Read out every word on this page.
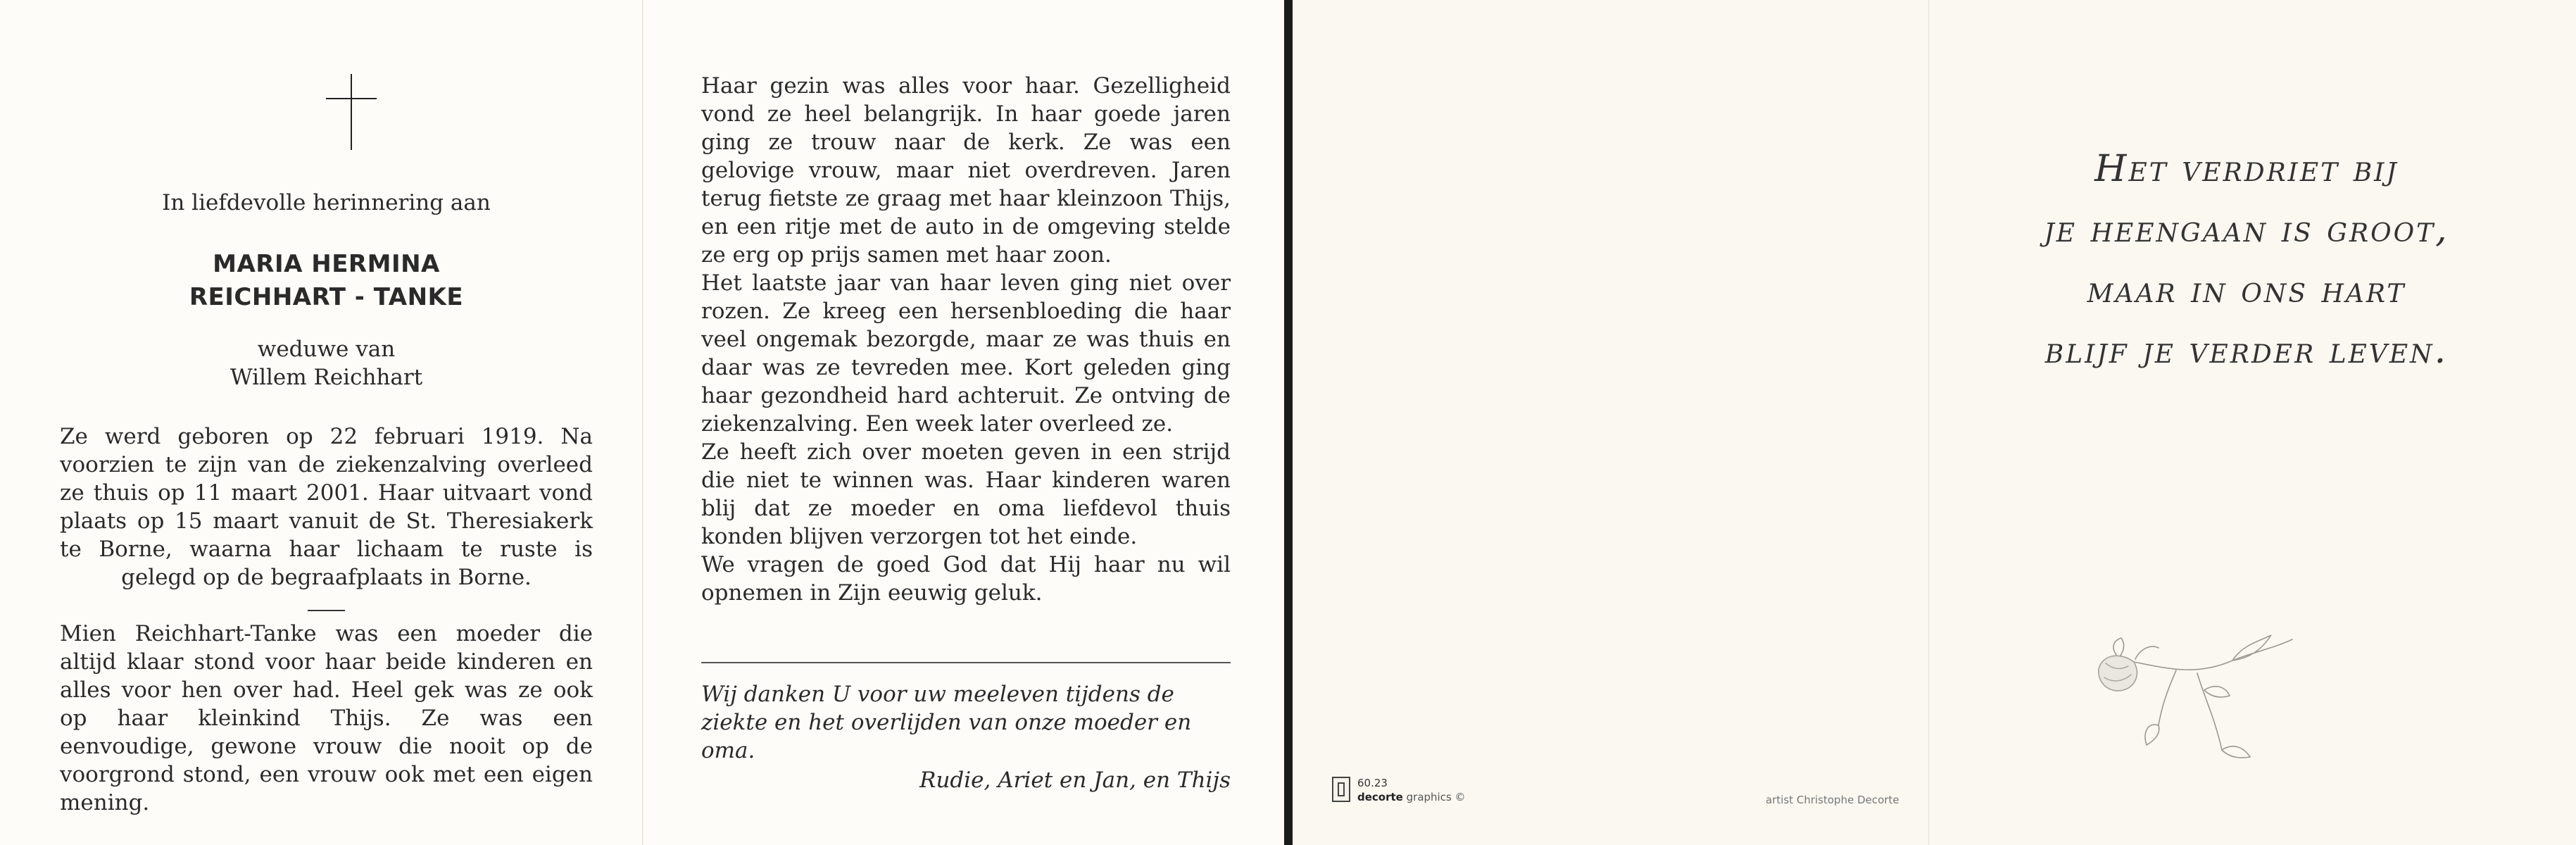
In liefdevolle herinnering aan
MARIA HERMINA
REICHHART - TANKE
weduwe van
Willem Reichhart

Ze werd geboren op 22 februari 1919. Na voorzien te zijn van de ziekenzalving overleed ze thuis op 11 maart 2001. Haar uitvaart vond plaats op 15 maart vanuit de St. Theresiakerk te Borne, waarna haar lichaam te ruste is gelegd op de begraafplaats in Borne.

Mien Reichhart-Tanke was een moeder die altijd klaar stond voor haar beide kinderen en alles voor hen over had. Heel gek was ze ook op haar kleinkind Thijs. Ze was een eenvoudige, gewone vrouw die nooit op de voorgrond stond, een vrouw ook met een eigen mening.

Haar gezin was alles voor haar. Gezelligheid vond ze heel belangrijk. In haar goede jaren ging ze trouw naar de kerk. Ze was een gelovige vrouw, maar niet overdreven. Jaren terug fietste ze graag met haar kleinzoon Thijs, en een ritje met de auto in de omgeving stelde ze erg op prijs samen met haar zoon.
Het laatste jaar van haar leven ging niet over rozen. Ze kreeg een hersenbloeding die haar veel ongemak bezorgde, maar ze was thuis en daar was ze tevreden mee. Kort geleden ging haar gezondheid hard achteruit. Ze ontving de ziekenzalving. Een week later overleed ze.
Ze heeft zich over moeten geven in een strijd die niet te winnen was. Haar kinderen waren blij dat ze moeder en oma liefdevol thuis konden blijven verzorgen tot het einde.
We vragen de goed God dat Hij haar nu wil opnemen in Zijn eeuwig geluk.

Wij danken U voor uw meeleven tijdens de ziekte en het overlijden van onze moeder en oma.

Rudie, Ariet en Jan, en Thijs	60.23
decorte graphics ©	artist Christophe Decorte
Het verdriet bij
je heengaan is groot,
maar in ons hart
blijf je verder leven.
